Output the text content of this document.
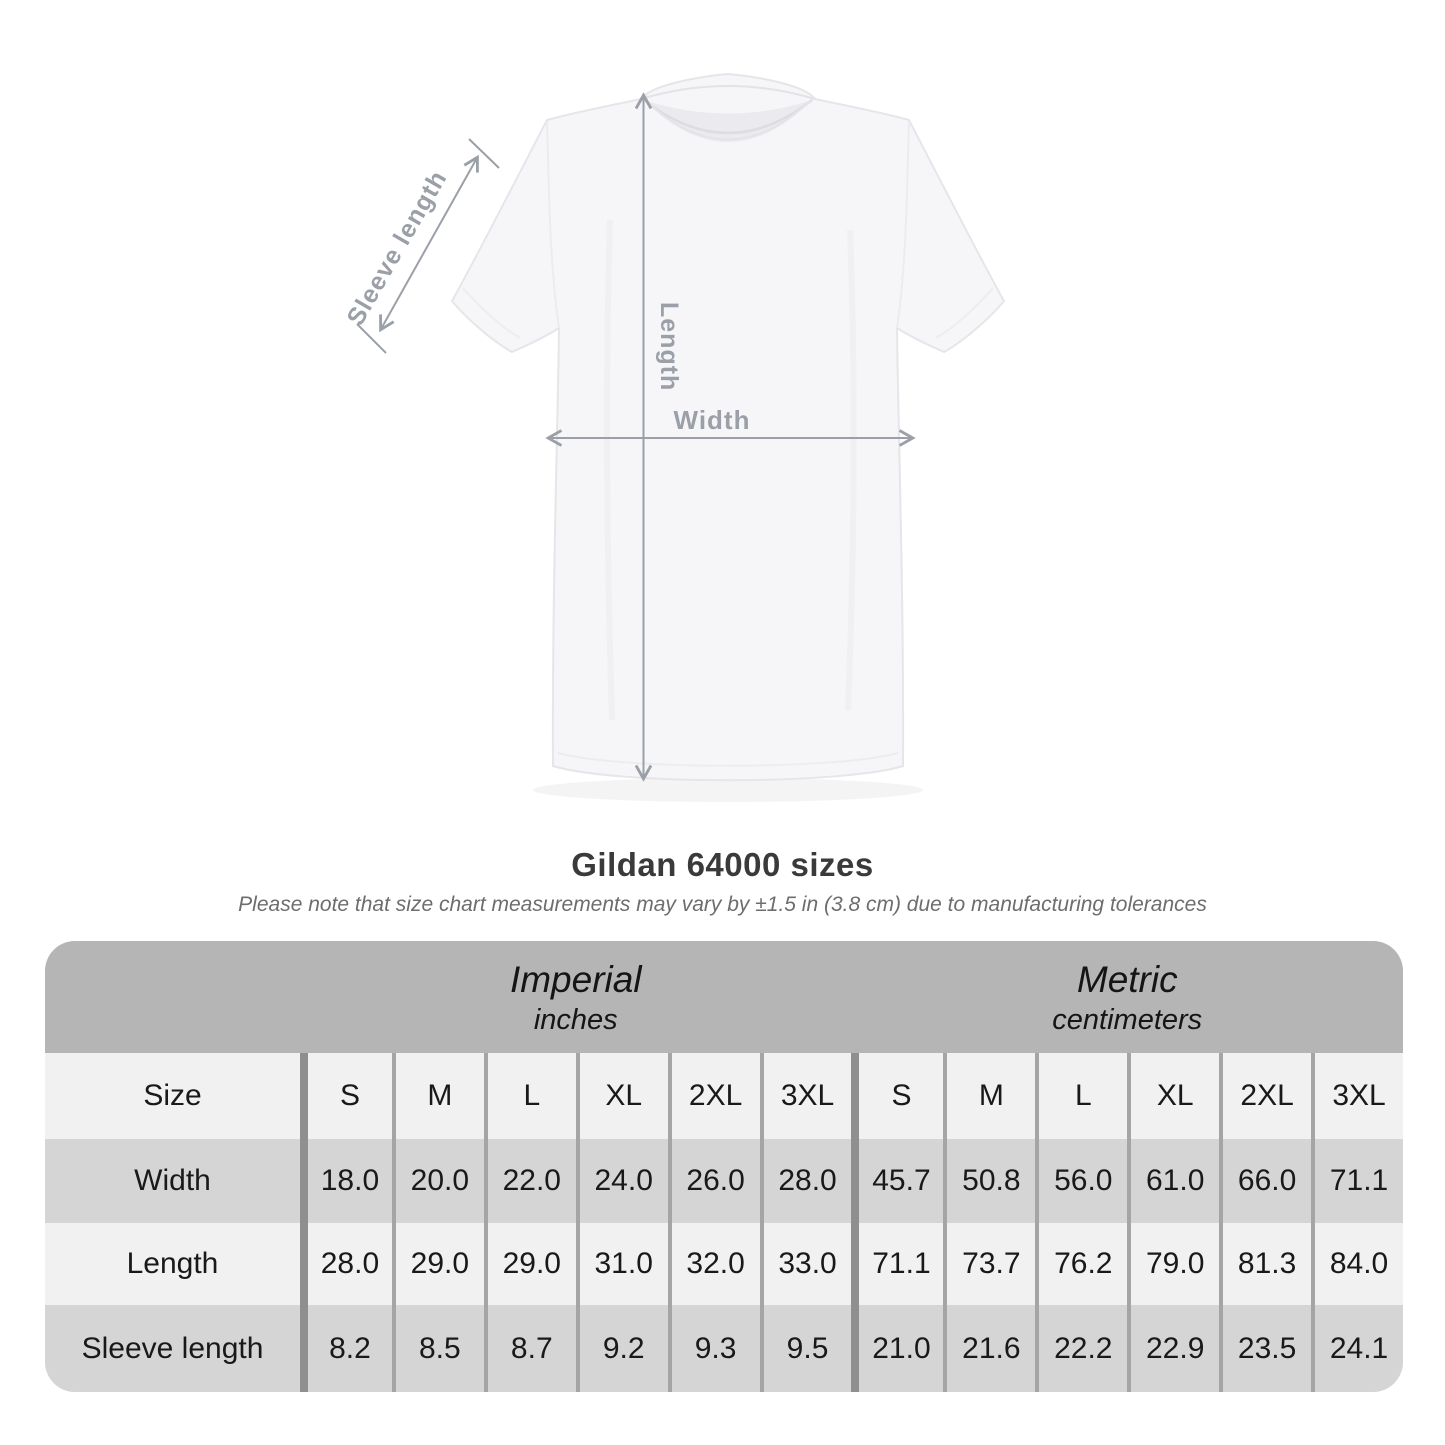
Sleeve length
Length
Width
Gildan 64000 sizes
Please note that size chart measurements may vary by ±1.5 in (3.8 cm) due to manufacturing tolerances
Imperial
inches
Metric
centimeters
Size	S	M	L	XL	2XL	3XL	S	M	L	XL	2XL	3XL
Width	18.0	20.0	22.0	24.0	26.0	28.0	45.7	50.8	56.0	61.0	66.0	71.1
Length	28.0	29.0	29.0	31.0	32.0	33.0	71.1	73.7	76.2	79.0	81.3	84.0
Sleeve length	8.2	8.5	8.7	9.2	9.3	9.5	21.0	21.6	22.2	22.9	23.5	24.1
